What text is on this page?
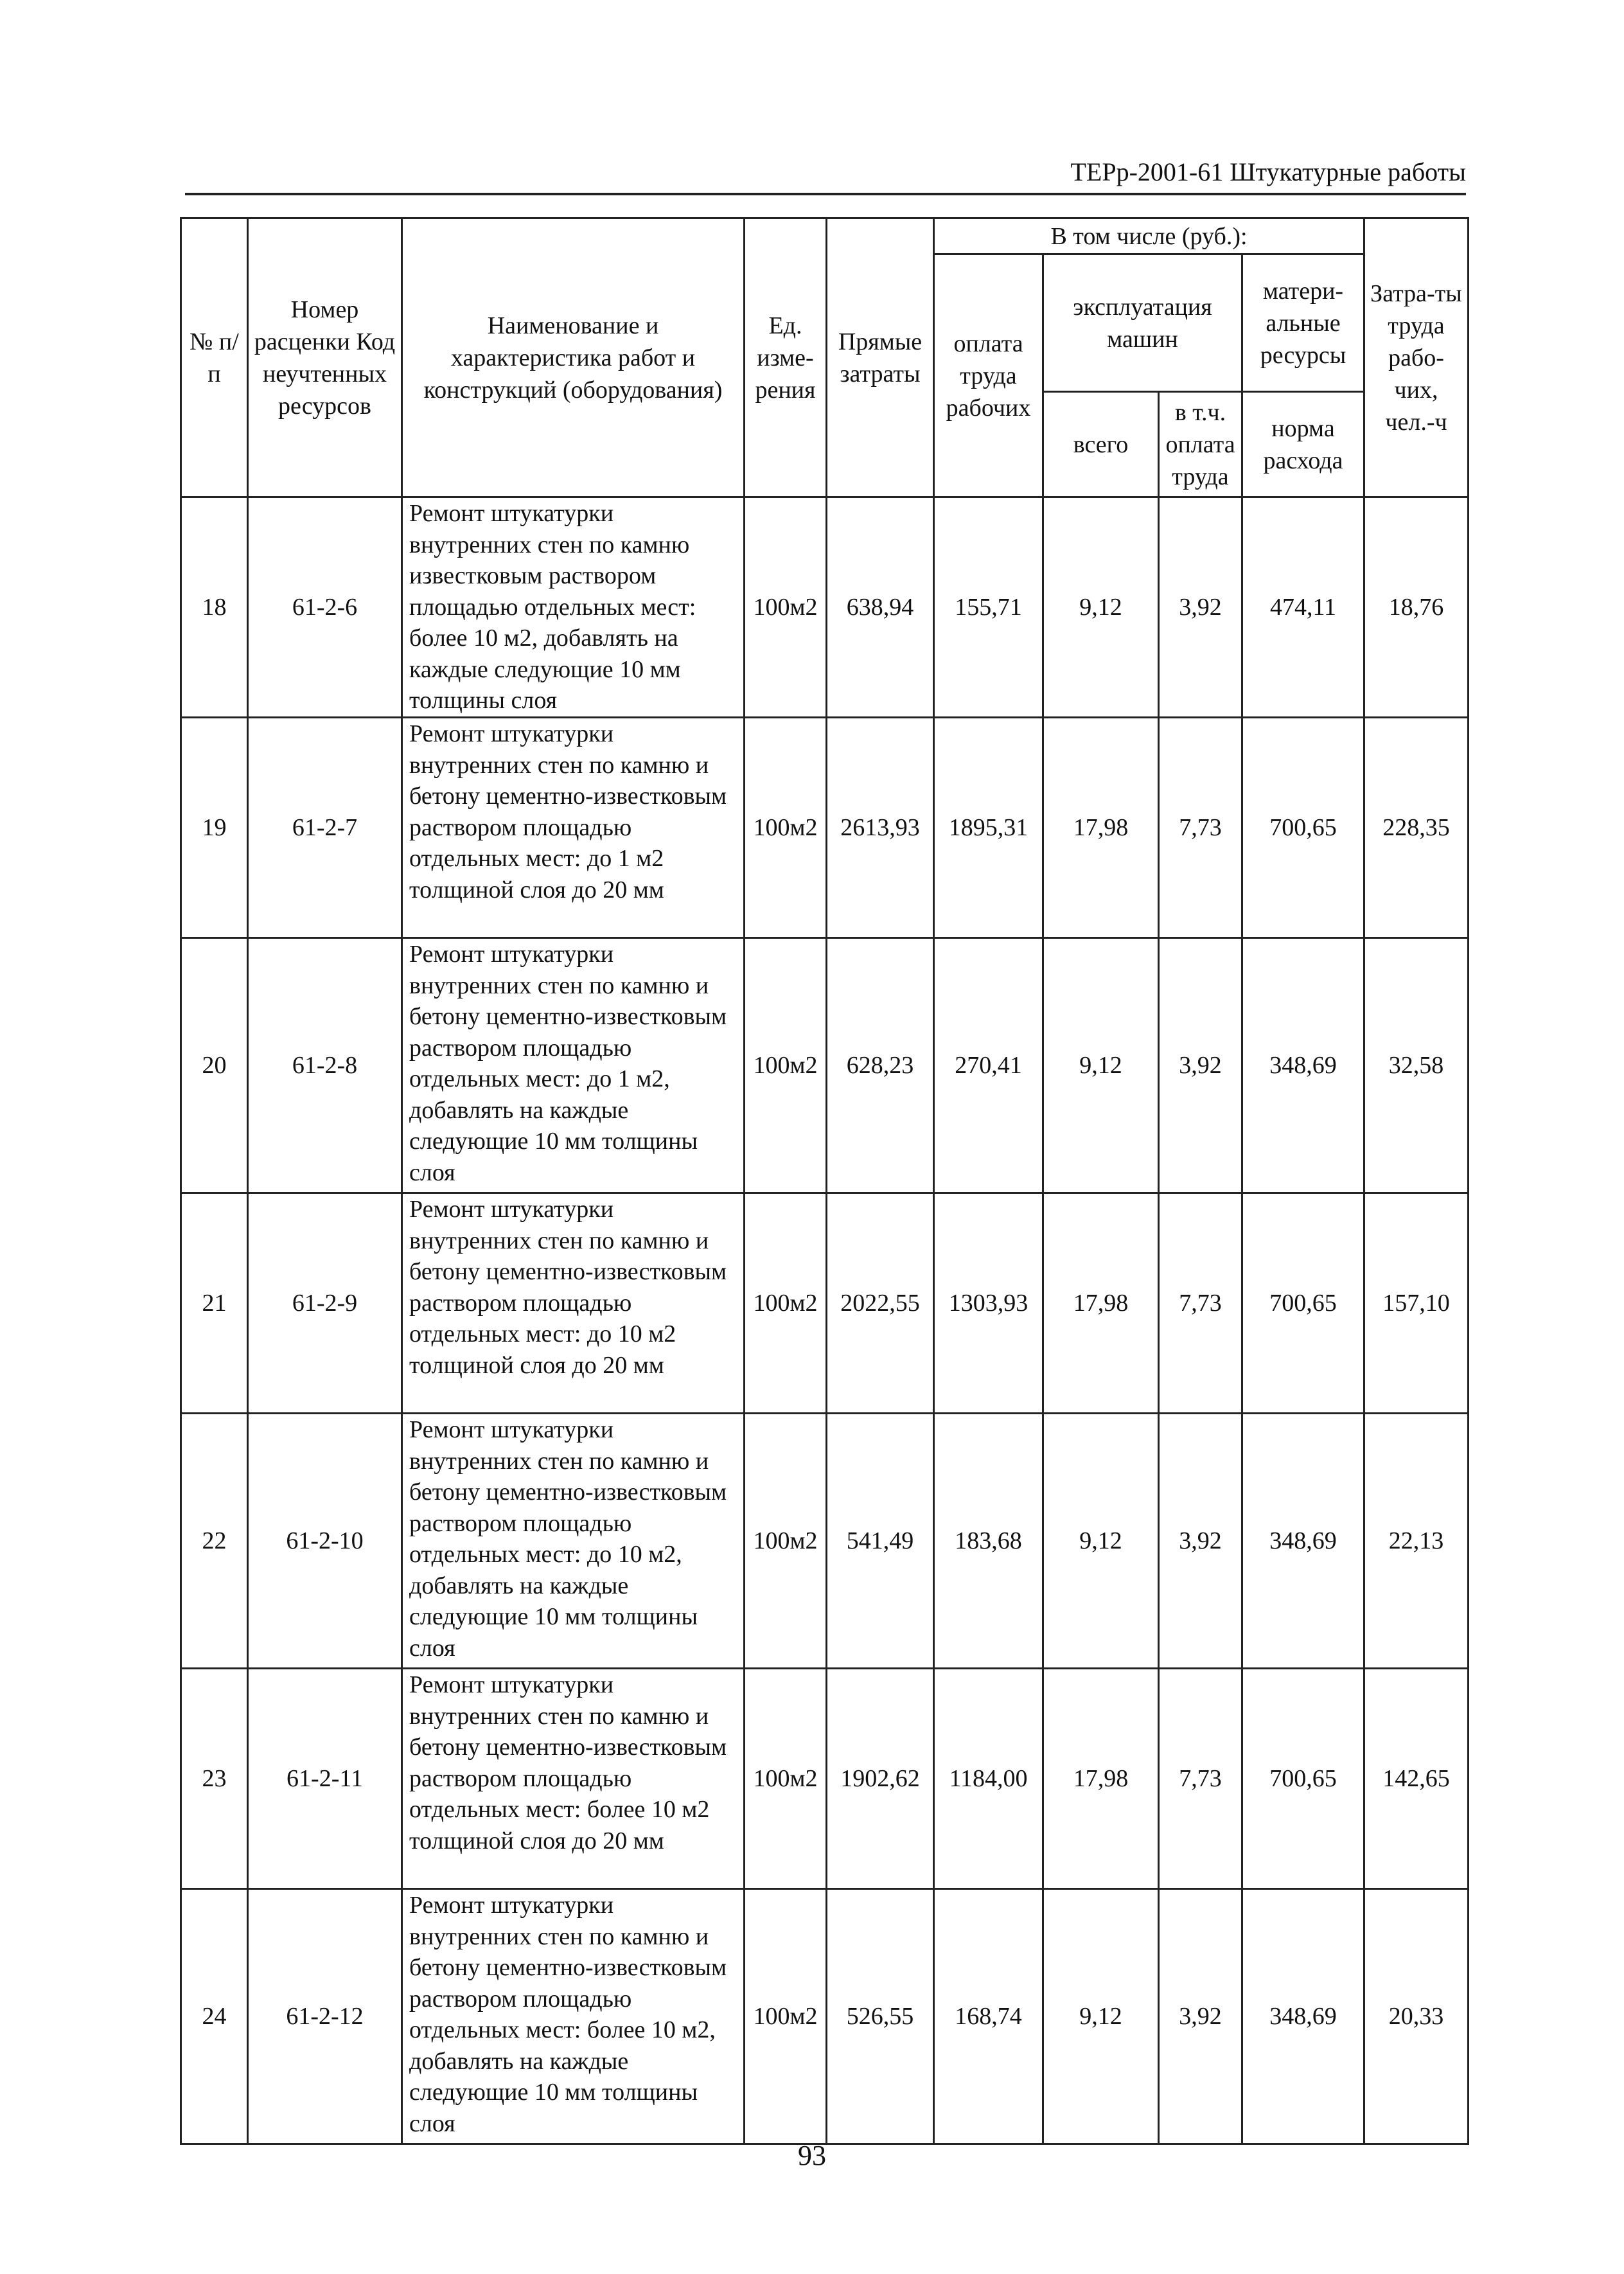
ТЕРр-2001-61 Штукатурные работы
№ п/п	Номер расценки Код неучтенных ресурсов	Наименование и характеристика работ и конструкций (оборудования)	Ед. изме-рения	Прямые затраты	В том числе (руб.):				Затра-ты труда рабо-чих, чел.-ч
					оплата труда рабочих	эксплуатация машин		матери-альные ресурсы	
						всего	в т.ч. оплата труда	норма расхода	

18	61-2-6	Ремонт штукатурки внутренних стен по камню известковым раствором площадью отдельных мест: более 10 м2, добавлять на каждые следующие 10 мм толщины слоя	100м2	638,94	155,71	9,12	3,92	474,11	18,76
19	61-2-7	Ремонт штукатурки внутренних стен по камню и бетону цементно-известковым раствором площадью отдельных мест: до 1 м2 толщиной слоя до 20 мм	100м2	2613,93	1895,31	17,98	7,73	700,65	228,35
20	61-2-8	Ремонт штукатурки внутренних стен по камню и бетону цементно-известковым раствором площадью отдельных мест: до 1 м2, добавлять на каждые следующие 10 мм толщины слоя	100м2	628,23	270,41	9,12	3,92	348,69	32,58
21	61-2-9	Ремонт штукатурки внутренних стен по камню и бетону цементно-известковым раствором площадью отдельных мест: до 10 м2 толщиной слоя до 20 мм	100м2	2022,55	1303,93	17,98	7,73	700,65	157,10
22	61-2-10	Ремонт штукатурки внутренних стен по камню и бетону цементно-известковым раствором площадью отдельных мест: до 10 м2, добавлять на каждые следующие 10 мм толщины слоя	100м2	541,49	183,68	9,12	3,92	348,69	22,13
23	61-2-11	Ремонт штукатурки внутренних стен по камню и бетону цементно-известковым раствором площадью отдельных мест: более 10 м2 толщиной слоя до 20 мм	100м2	1902,62	1184,00	17,98	7,73	700,65	142,65
24	61-2-12	Ремонт штукатурки внутренних стен по камню и бетону цементно-известковым раствором площадью отдельных мест: более 10 м2, добавлять на каждые следующие 10 мм толщины слоя	100м2	526,55	168,74	9,12	3,92	348,69	20,33
93
